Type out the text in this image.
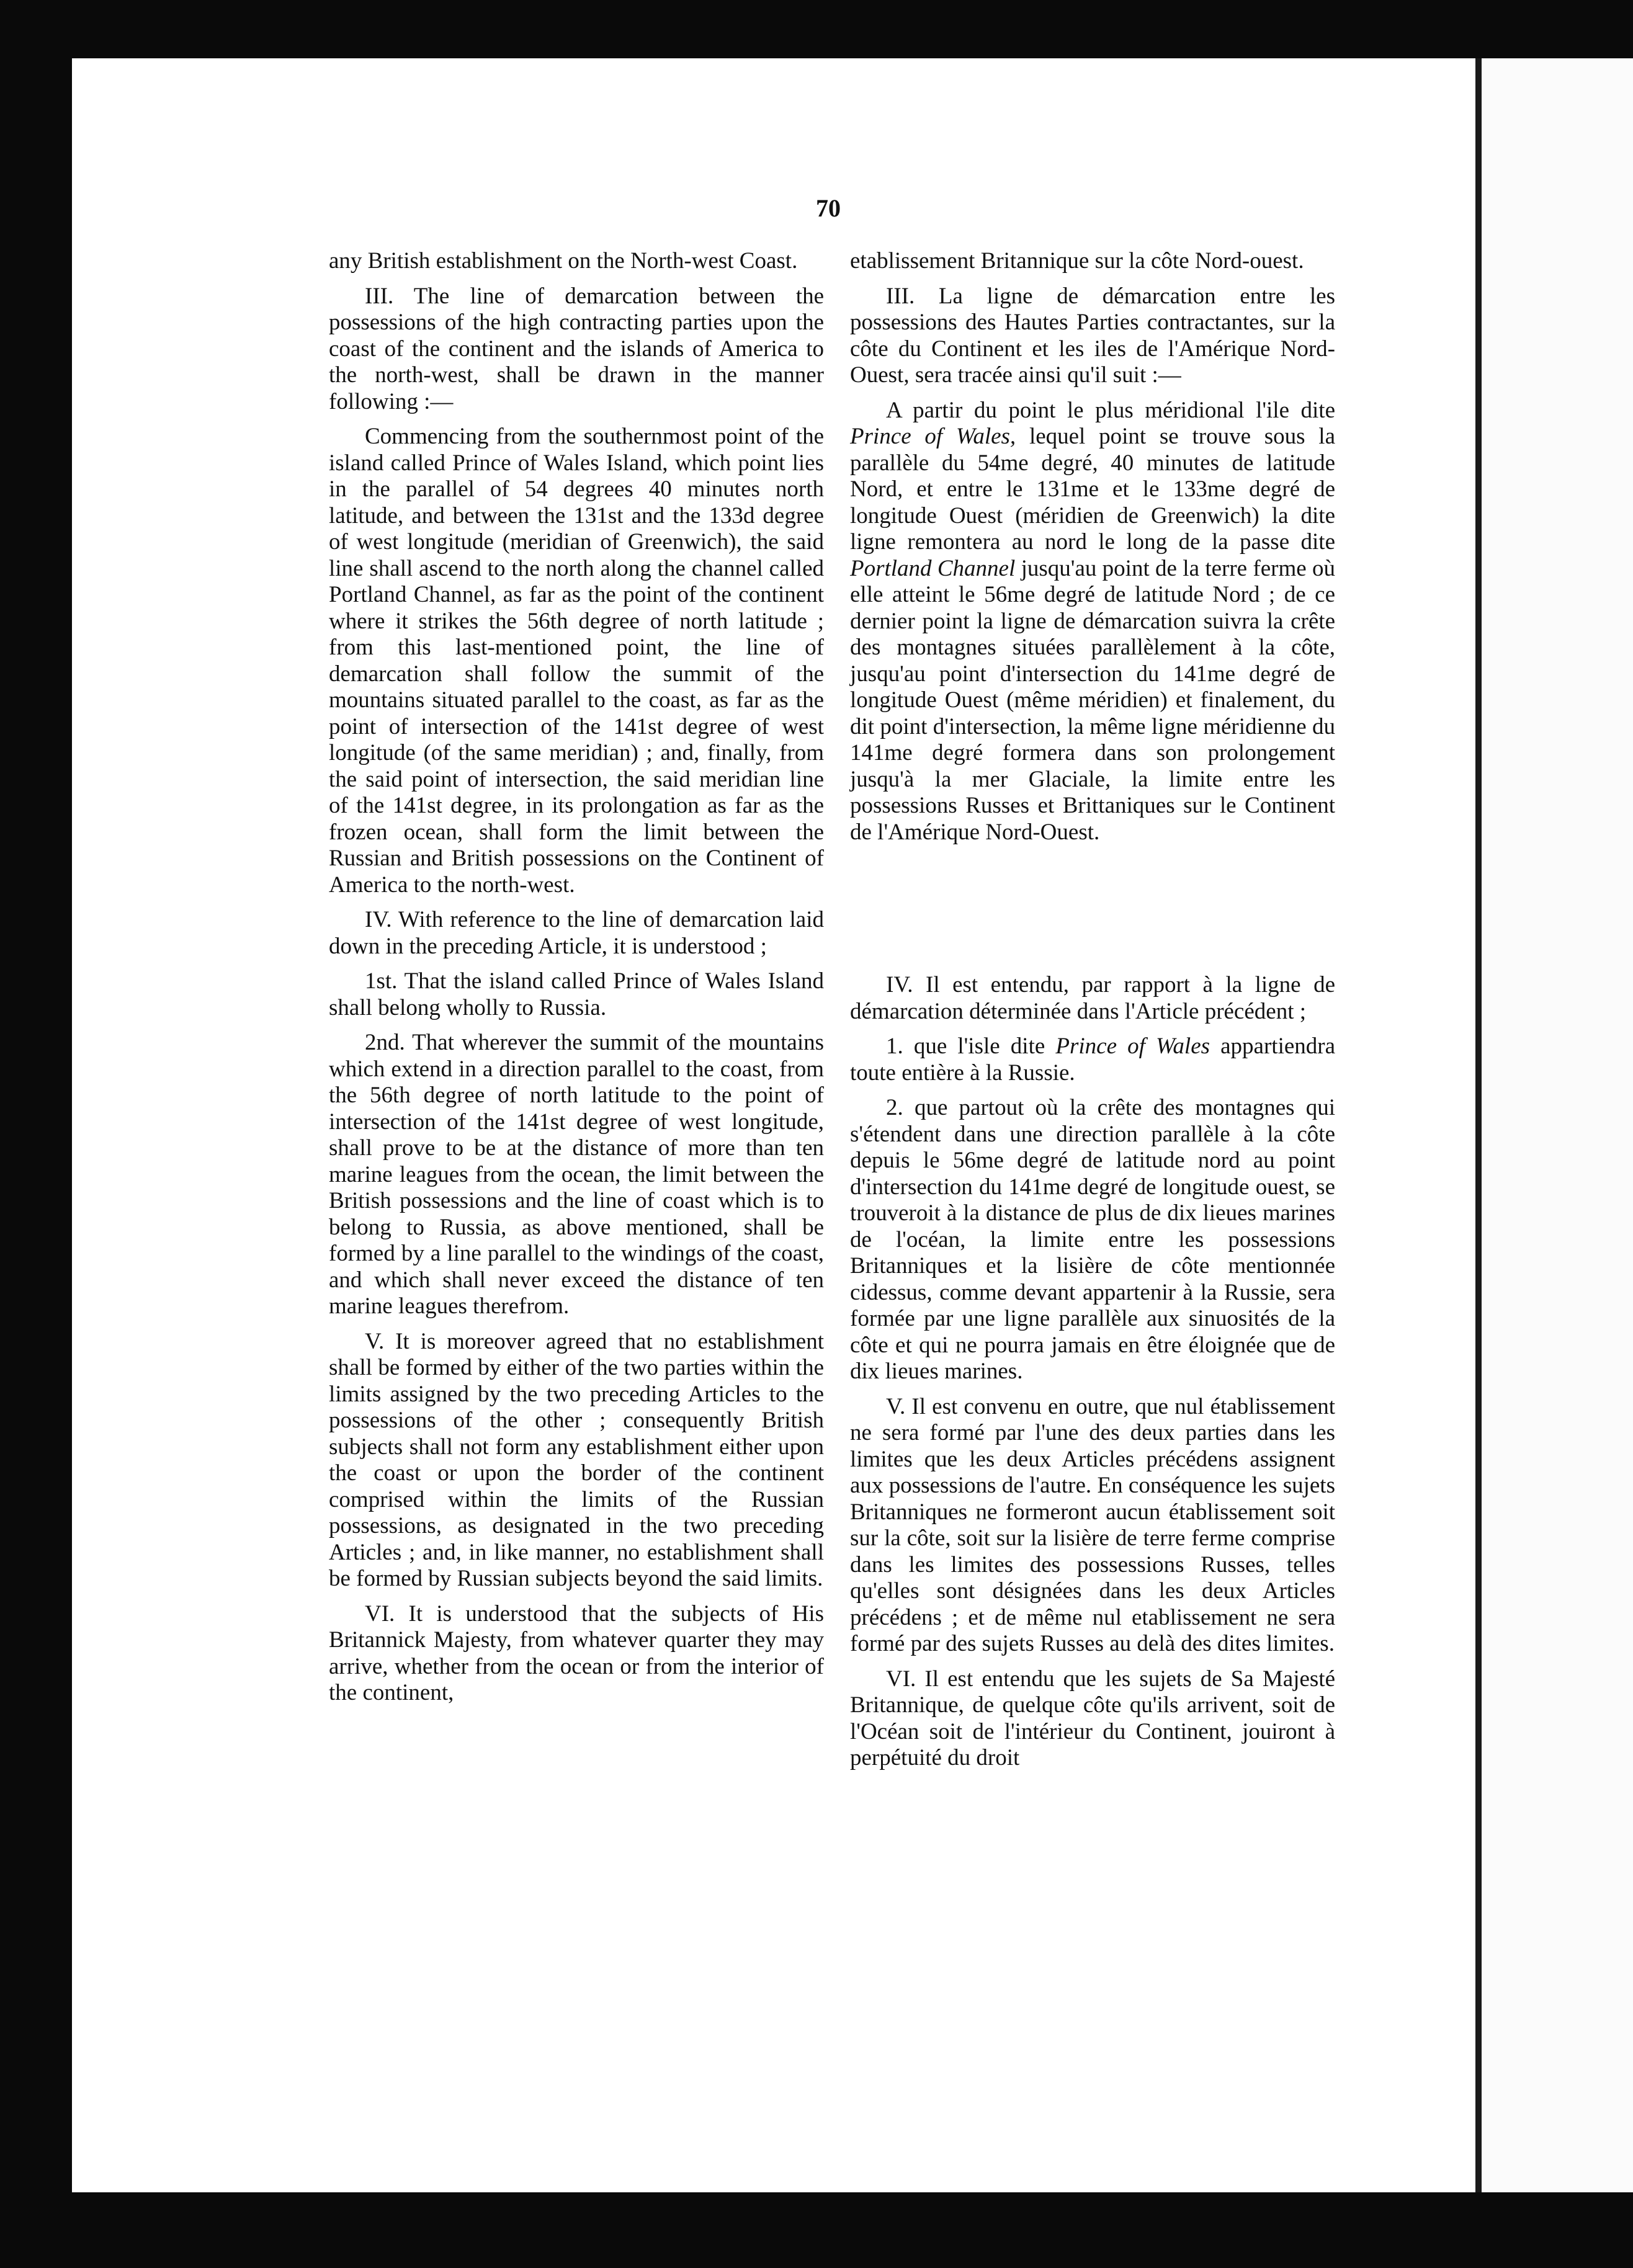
70

any British establishment on the North-west Coast.

III. The line of demarcation between the possessions of the high contracting parties upon the coast of the continent and the islands of America to the north-west, shall be drawn in the manner following :—

Commencing from the southernmost point of the island called Prince of Wales Island, which point lies in the parallel of 54 degrees 40 minutes north latitude, and between the 131st and the 133d degree of west longitude (meridian of Greenwich), the said line shall ascend to the north along the channel called Portland Channel, as far as the point of the continent where it strikes the 56th degree of north latitude ; from this last-mentioned point, the line of demarcation shall follow the summit of the mountains situated parallel to the coast, as far as the point of intersection of the 141st degree of west longitude (of the same meridian) ; and, finally, from the said point of intersection, the said meridian line of the 141st degree, in its prolongation as far as the frozen ocean, shall form the limit between the Russian and British possessions on the Continent of America to the north-west.

IV. With reference to the line of demarcation laid down in the preceding Article, it is understood ;

1st. That the island called Prince of Wales Island shall belong wholly to Russia.

2nd. That wherever the summit of the mountains which extend in a direction parallel to the coast, from the 56th degree of north latitude to the point of intersection of the 141st degree of west longitude, shall prove to be at the distance of more than ten marine leagues from the ocean, the limit between the British possessions and the line of coast which is to belong to Russia, as above mentioned, shall be formed by a line parallel to the windings of the coast, and which shall never exceed the distance of ten marine leagues therefrom.

V. It is moreover agreed that no establishment shall be formed by either of the two parties within the limits assigned by the two preceding Articles to the possessions of the other ; consequently British subjects shall not form any establishment either upon the coast or upon the border of the continent comprised within the limits of the Russian possessions, as designated in the two preceding Articles ; and, in like manner, no establishment shall be formed by Russian subjects beyond the said limits.

VI. It is understood that the subjects of His Britannick Majesty, from whatever quarter they may arrive, whether from the ocean or from the interior of the continent,

etablissement Britannique sur la côte Nord-ouest.

III. La ligne de démarcation entre les possessions des Hautes Parties contractantes, sur la côte du Continent et les iles de l'Amérique Nord-Ouest, sera tracée ainsi qu'il suit :—

A partir du point le plus méridional l'ile dite Prince of Wales, lequel point se trouve sous la parallèle du 54me degré, 40 minutes de latitude Nord, et entre le 131me et le 133me degré de longitude Ouest (méridien de Greenwich) la dite ligne remontera au nord le long de la passe dite Portland Channel jusqu'au point de la terre ferme où elle atteint le 56me degré de latitude Nord ; de ce dernier point la ligne de démarcation suivra la crête des montagnes situées parallèlement à la côte, jusqu'au point d'intersection du 141me degré de longitude Ouest (même méridien) et finalement, du dit point d'intersection, la même ligne méridienne du 141me degré formera dans son prolongement jusqu'à la mer Glaciale, la limite entre les possessions Russes et Brittaniques sur le Continent de l'Amérique Nord-Ouest.

IV. Il est entendu, par rapport à la ligne de démarcation déterminée dans l'Article précédent ;

1. que l'isle dite Prince of Wales appartiendra toute entière à la Russie.

2. que partout où la crête des montagnes qui s'étendent dans une direction parallèle à la côte depuis le 56me degré de latitude nord au point d'intersection du 141me degré de longitude ouest, se trouveroit à la distance de plus de dix lieues marines de l'océan, la limite entre les possessions Britanniques et la lisière de côte mentionnée cidessus, comme devant appartenir à la Russie, sera formée par une ligne parallèle aux sinuosités de la côte et qui ne pourra jamais en être éloignée que de dix lieues marines.

V. Il est convenu en outre, que nul établissement ne sera formé par l'une des deux parties dans les limites que les deux Articles précédens assignent aux possessions de l'autre. En conséquence les sujets Britanniques ne formeront aucun établissement soit sur la côte, soit sur la lisière de terre ferme comprise dans les limites des possessions Russes, telles qu'elles sont désignées dans les deux Articles précédens ; et de même nul etablissement ne sera formé par des sujets Russes au delà des dites limites.

VI. Il est entendu que les sujets de Sa Majesté Britannique, de quelque côte qu'ils arrivent, soit de l'Océan soit de l'intérieur du Continent, jouiront à perpétuité du droit
